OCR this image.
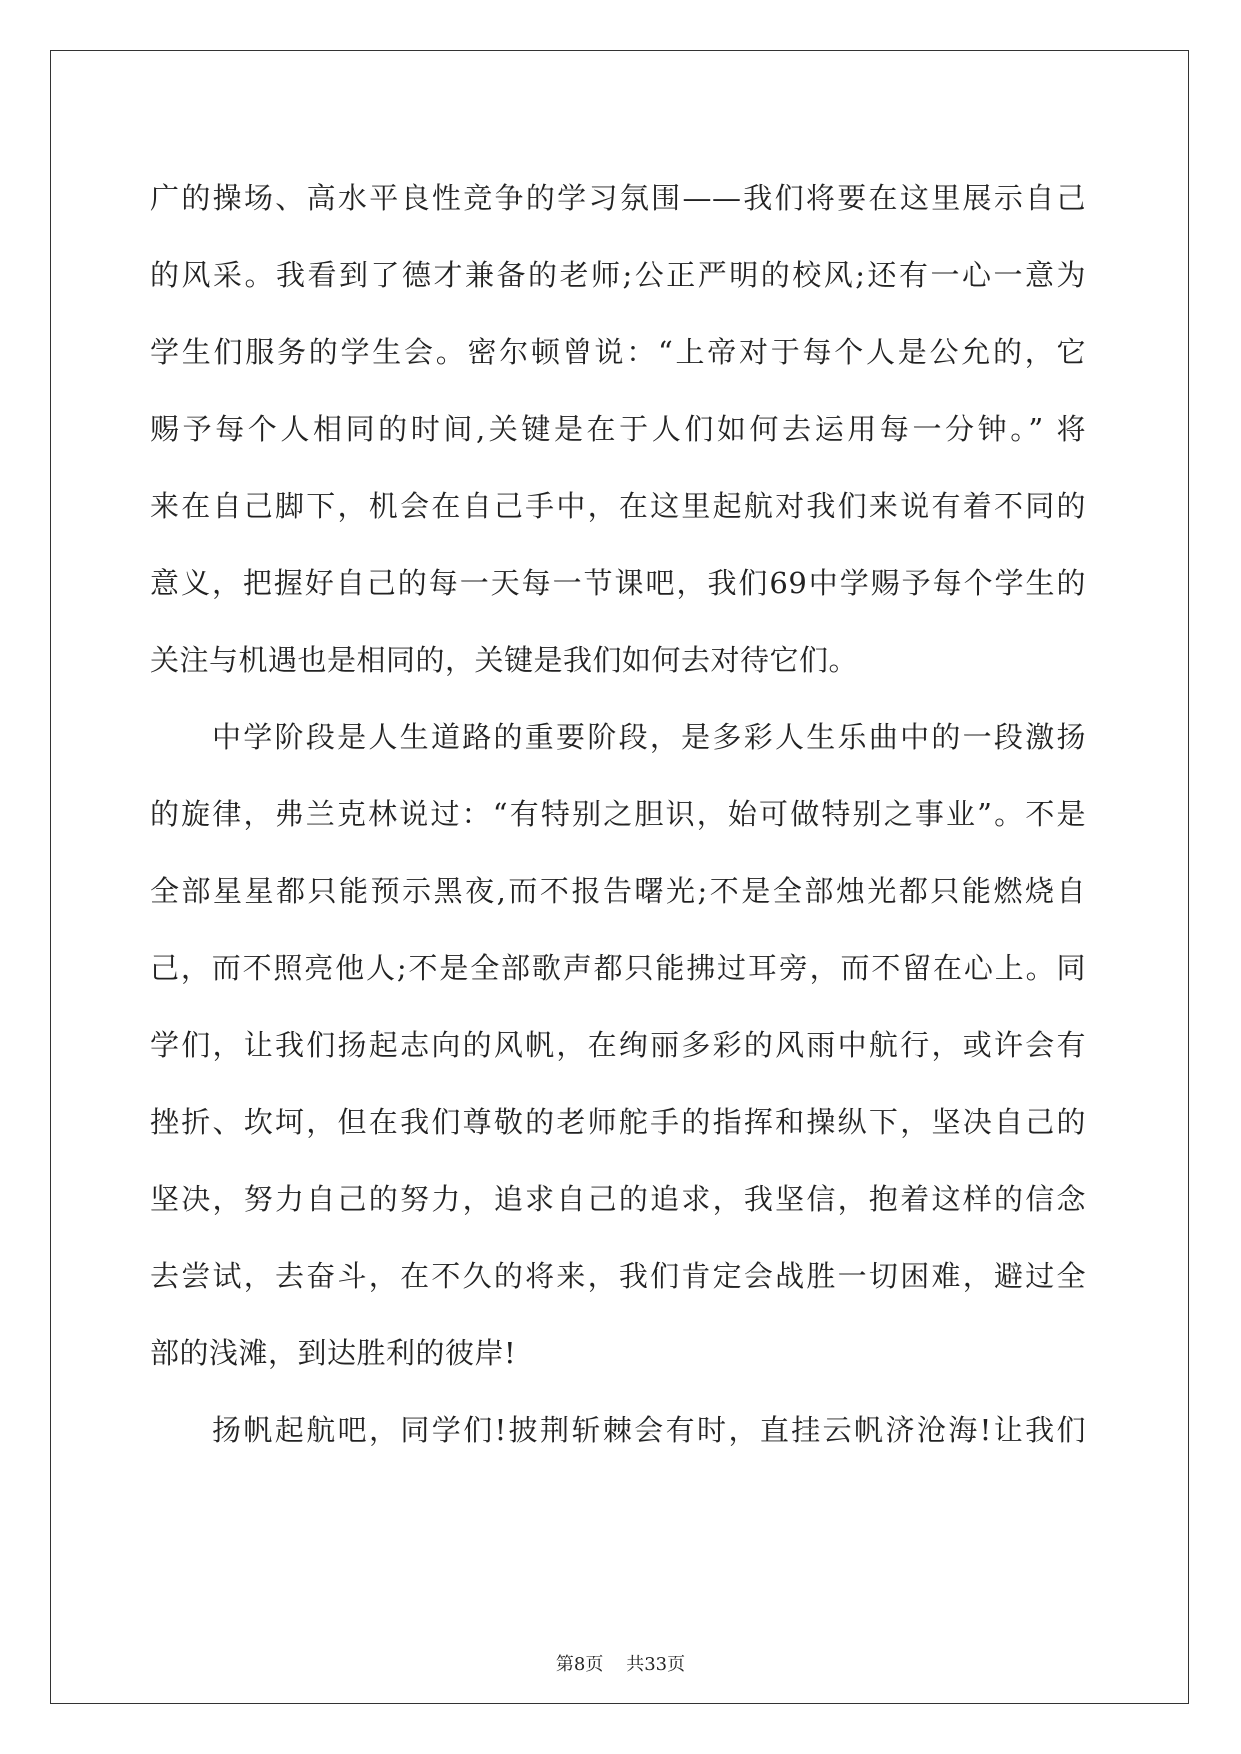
广的操场、高水平良性竞争的学习氛围——我们将要在这里展示自己
的风采。我看到了德才兼备的老师;公正严明的校风;还有一心一意为
学生们服务的学生会。密尔顿曾说：“上帝对于每个人是公允的，它
赐予每个人相同的时间,关键是在于人们如何去运用每一分钟。” 将
来在自己脚下，机会在自己手中，在这里起航对我们来说有着不同的
意义，把握好自己的每一天每一节课吧，我们69中学赐予每个学生的
关注与机遇也是相同的，关键是我们如何去对待它们。
中学阶段是人生道路的重要阶段，是多彩人生乐曲中的一段激扬
的旋律，弗兰克林说过：“有特别之胆识，始可做特别之事业”。不是
全部星星都只能预示黑夜,而不报告曙光;不是全部烛光都只能燃烧自
己，而不照亮他人;不是全部歌声都只能拂过耳旁，而不留在心上。同
学们，让我们扬起志向的风帆，在绚丽多彩的风雨中航行，或许会有
挫折、坎坷，但在我们尊敬的老师舵手的指挥和操纵下，坚决自己的
坚决，努力自己的努力，追求自己的追求，我坚信，抱着这样的信念
去尝试，去奋斗，在不久的将来，我们肯定会战胜一切困难，避过全
部的浅滩，到达胜利的彼岸!
扬帆起航吧，同学们!披荆斩棘会有时，直挂云帆济沧海!让我们
第8页    共33页
